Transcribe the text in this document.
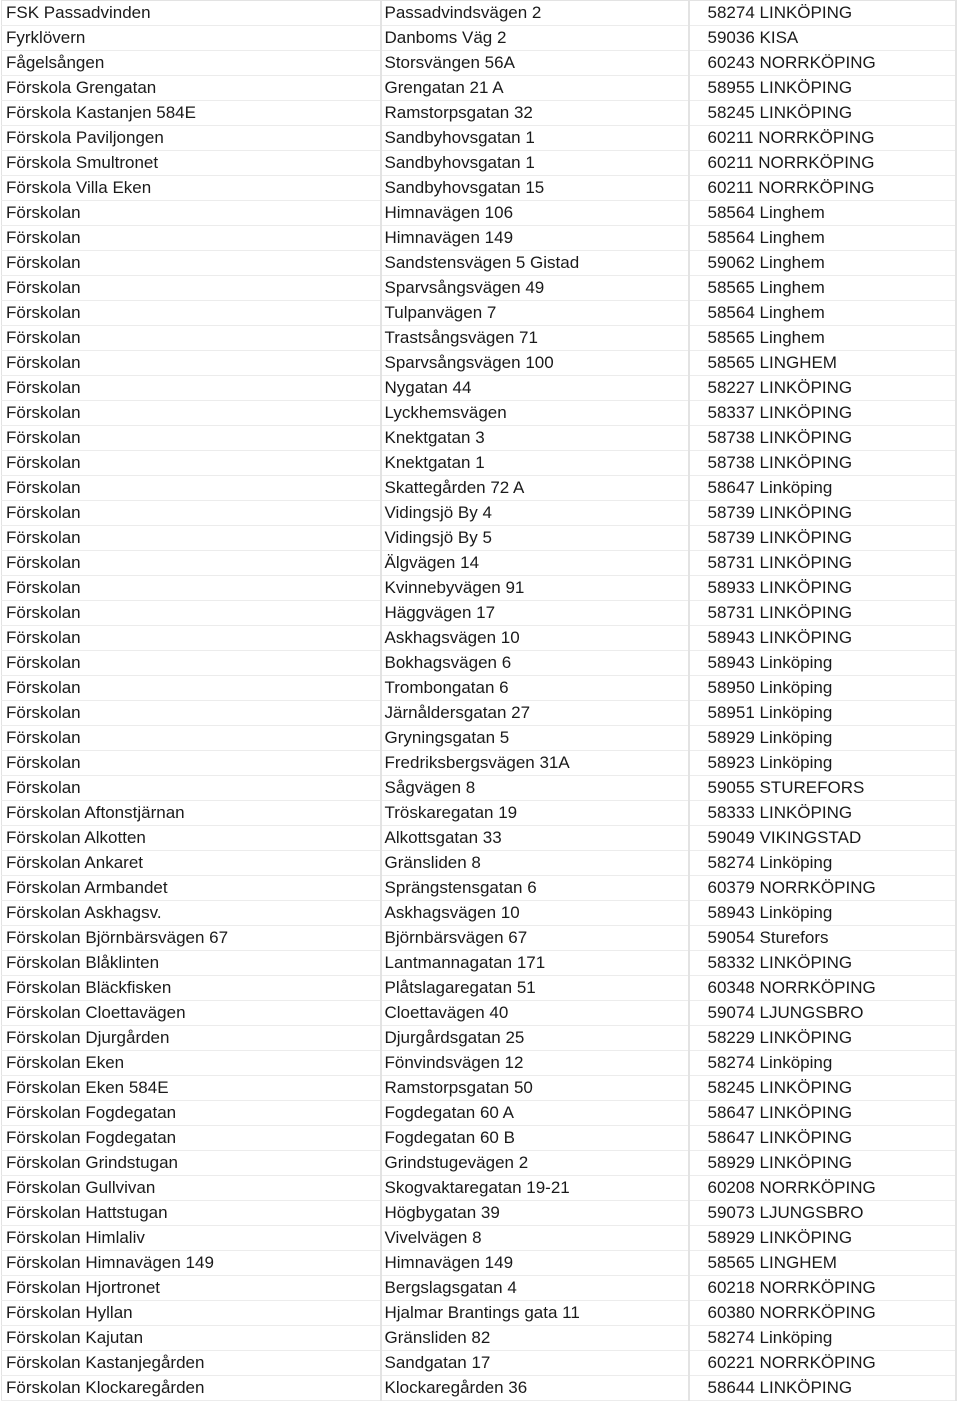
FSK Passadvinden	Passadvindsvägen 2	58274 LINKÖPING
Fyrklövern	Danboms Väg 2	59036 KISA
Fågelsången	Storsvängen 56A	60243 NORRKÖPING
Förskola Grengatan	Grengatan 21 A	58955 LINKÖPING
Förskola Kastanjen 584E	Ramstorpsgatan 32	58245 LINKÖPING
Förskola Paviljongen	Sandbyhovsgatan 1	60211 NORRKÖPING
Förskola Smultronet	Sandbyhovsgatan 1	60211 NORRKÖPING
Förskola Villa Eken	Sandbyhovsgatan 15	60211 NORRKÖPING
Förskolan	Himnavägen 106	58564 Linghem
Förskolan	Himnavägen 149	58564 Linghem
Förskolan	Sandstensvägen 5 Gistad	59062 Linghem
Förskolan	Sparvsångsvägen 49	58565 Linghem
Förskolan	Tulpanvägen 7	58564 Linghem
Förskolan	Trastsångsvägen 71	58565 Linghem
Förskolan	Sparvsångsvägen 100	58565 LINGHEM
Förskolan	Nygatan 44	58227 LINKÖPING
Förskolan	Lyckhemsvägen	58337 LINKÖPING
Förskolan	Knektgatan 3	58738 LINKÖPING
Förskolan	Knektgatan 1	58738 LINKÖPING
Förskolan	Skattegården 72 A	58647 Linköping
Förskolan	Vidingsjö By 4	58739 LINKÖPING
Förskolan	Vidingsjö By 5	58739 LINKÖPING
Förskolan	Älgvägen 14	58731 LINKÖPING
Förskolan	Kvinnebyvägen 91	58933 LINKÖPING
Förskolan	Häggvägen 17	58731 LINKÖPING
Förskolan	Askhagsvägen 10	58943 LINKÖPING
Förskolan	Bokhagsvägen 6	58943 Linköping
Förskolan	Trombongatan 6	58950 Linköping
Förskolan	Järnåldersgatan 27	58951 Linköping
Förskolan	Gryningsgatan 5	58929 Linköping
Förskolan	Fredriksbergsvägen 31A	58923 Linköping
Förskolan	Sågvägen 8	59055 STUREFORS
Förskolan Aftonstjärnan	Tröskaregatan 19	58333 LINKÖPING
Förskolan Alkotten	Alkottsgatan 33	59049 VIKINGSTAD
Förskolan Ankaret	Gränsliden 8	58274 Linköping
Förskolan Armbandet	Sprängstensgatan 6	60379 NORRKÖPING
Förskolan Askhagsv.	Askhagsvägen 10	58943 Linköping
Förskolan Björnbärsvägen 67	Björnbärsvägen 67	59054 Sturefors
Förskolan Blåklinten	Lantmannagatan 171	58332 LINKÖPING
Förskolan Bläckfisken	Plåtslagaregatan 51	60348 NORRKÖPING
Förskolan Cloettavägen	Cloettavägen 40	59074 LJUNGSBRO
Förskolan Djurgården	Djurgårdsgatan 25	58229 LINKÖPING
Förskolan Eken	Fönvindsvägen 12	58274 Linköping
Förskolan Eken 584E	Ramstorpsgatan 50	58245 LINKÖPING
Förskolan Fogdegatan	Fogdegatan 60 A	58647 LINKÖPING
Förskolan Fogdegatan	Fogdegatan 60 B	58647 LINKÖPING
Förskolan Grindstugan	Grindstugevägen 2	58929 LINKÖPING
Förskolan Gullvivan	Skogvaktaregatan 19-21	60208 NORRKÖPING
Förskolan Hattstugan	Högbygatan 39	59073 LJUNGSBRO
Förskolan Himlaliv	Vivelvägen 8	58929 LINKÖPING
Förskolan Himnavägen 149	Himnavägen 149	58565 LINGHEM
Förskolan Hjortronet	Bergslagsgatan 4	60218 NORRKÖPING
Förskolan Hyllan	Hjalmar Brantings gata 11	60380 NORRKÖPING
Förskolan Kajutan	Gränsliden 82	58274 Linköping
Förskolan Kastanjegården	Sandgatan 17	60221 NORRKÖPING
Förskolan Klockaregården	Klockaregården 36	58644 LINKÖPING
